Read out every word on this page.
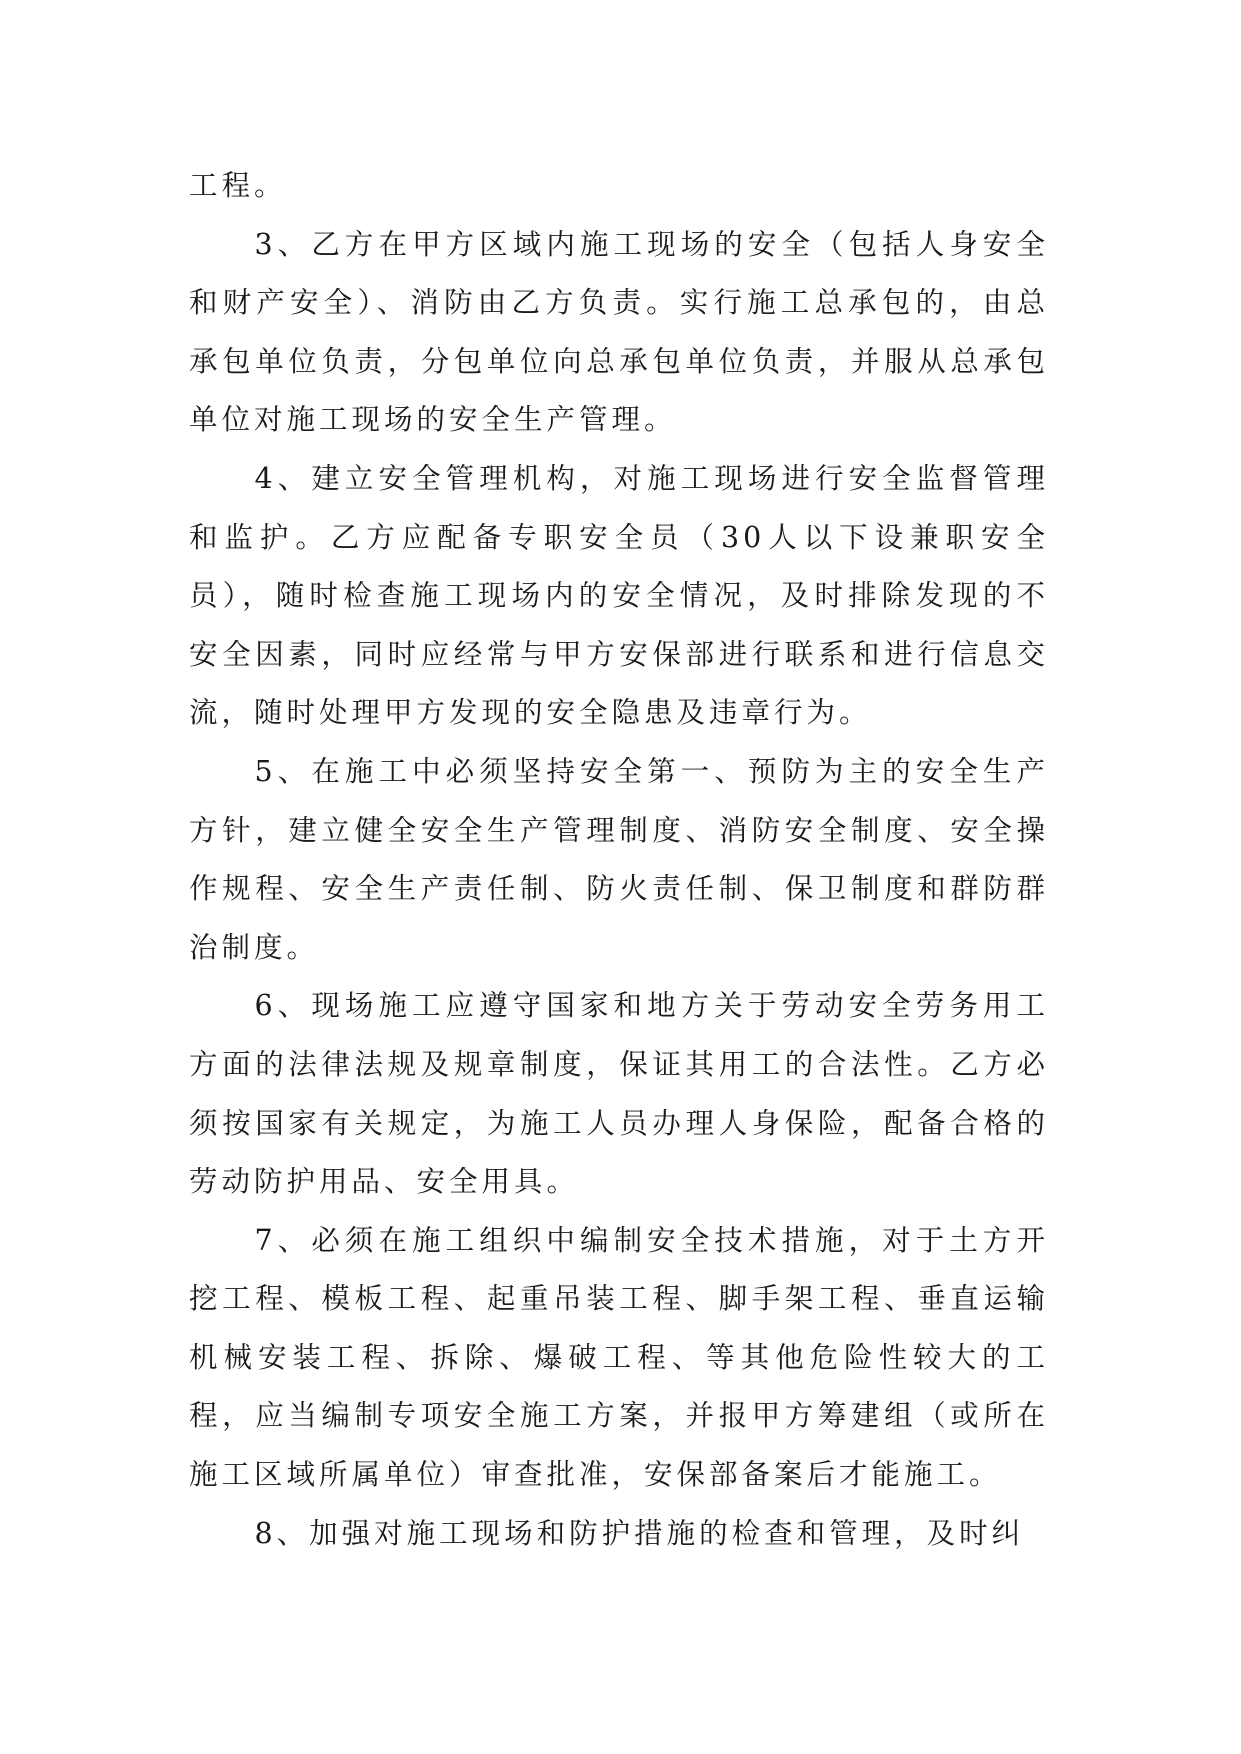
工程。

3、乙方在甲方区域内施工现场的安全（包括人身安全和财产安全）、消防由乙方负责。实行施工总承包的，由总承包单位负责，分包单位向总承包单位负责，并服从总承包单位对施工现场的安全生产管理。

4、建立安全管理机构，对施工现场进行安全监督管理和监护。乙方应配备专职安全员（30人以下设兼职安全员），随时检查施工现场内的安全情况，及时排除发现的不安全因素，同时应经常与甲方安保部进行联系和进行信息交流，随时处理甲方发现的安全隐患及违章行为。

5、在施工中必须坚持安全第一、预防为主的安全生产方针，建立健全安全生产管理制度、消防安全制度、安全操作规程、安全生产责任制、防火责任制、保卫制度和群防群治制度。

6、现场施工应遵守国家和地方关于劳动安全劳务用工方面的法律法规及规章制度，保证其用工的合法性。乙方必须按国家有关规定，为施工人员办理人身保险，配备合格的劳动防护用品、安全用具。

7、必须在施工组织中编制安全技术措施，对于土方开挖工程、模板工程、起重吊装工程、脚手架工程、垂直运输机械安装工程、拆除、爆破工程、等其他危险性较大的工程，应当编制专项安全施工方案，并报甲方筹建组（或所在施工区域所属单位）审查批准，安保部备案后才能施工。

8、加强对施工现场和防护措施的检查和管理，及时纠
